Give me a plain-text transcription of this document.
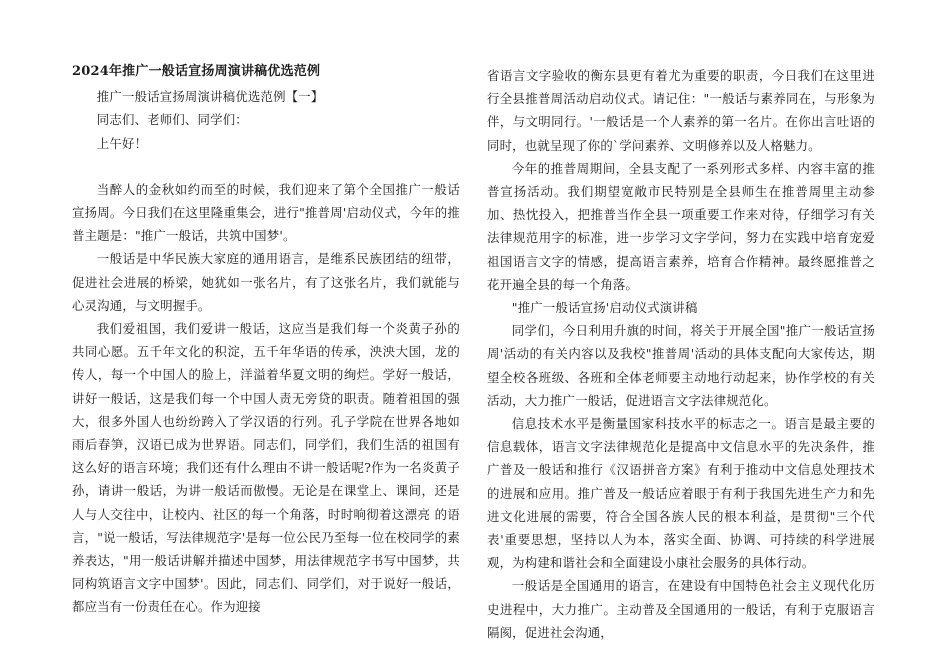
2024年推广一般话宣扬周演讲稿优选范例

推广一般话宣扬周演讲稿优选范例【一】

同志们、老师们、同学们：

上午好！

当醉人的金秋如约而至的时候，我们迎来了第个全国推广一般话宣扬周。今日我们在这里隆重集会，进行"推普周'启动仪式，今年的推普主题是："推广一般话，共筑中国梦'。

一般话是中华民族大家庭的通用语言，是维系民族团结的纽带，促进社会进展的桥梁，她犹如一张名片，有了这张名片，我们就能与心灵沟通，与文明握手。

我们爱祖国，我们爱讲一般话，这应当是我们每一个炎黄子孙的共同心愿。五千年文化的积淀，五千年华语的传承，泱泱大国，龙的传人，每一个中国人的脸上，洋溢着华夏文明的绚烂。学好一般话，讲好一般话，这是我们每一个中国人责无旁贷的职责。随着祖国的强大，很多外国人也纷纷跨入了学汉语的行列。孔子学院在世界各地如雨后春笋，汉语已成为世界语。同志们，同学们，我们生活的祖国有这么好的语言环境；我们还有什么理由不讲一般话呢?作为一名炎黄子孙，请讲一般话，为讲一般话而傲慢。无论是在课堂上、课间，还是人与人交往中，让校内、社区的每一个角落，时时响彻着这漂亮 的语言，"说一般话，写法律规范字'是每一位公民乃至每一位在校同学的素养表达，"用一般话讲解并描述中国梦，用法律规范字书写中国梦，共同构筑语言文字中国梦'。因此，同志们、同学们，对于说好一般话，都应当有一份责任在心。作为迎接

省语言文字验收的衡东县更有着尤为重要的职责，今日我们在这里进行全县推普周活动启动仪式。请记住："一般话与素养同在，与形象为伴，与文明同行。'一般话是一个人素养的第一名片。在你出言吐语的同时，也就呈现了你的`学问素养、文明修养以及人格魅力。

今年的推普周期间，全县支配了一系列形式多样、内容丰富的推普宣扬活动。我们期望宽敞市民特别是全县师生在推普周里主动参加、热忱投入，把推普当作全县一项重要工作来对待，仔细学习有关法律规范用字的标准，进一步学习文字学问，努力在实践中培育宠爱祖国语言文字的情感，提高语言素养，培育合作精神。最终愿推普之花开遍全县的每一个角落。

"推广一般话宣扬'启动仪式演讲稿

同学们，今日利用升旗的时间，将关于开展全国"推广一般话宣扬周'活动的有关内容以及我校"推普周'活动的具体支配向大家传达，期望全校各班级、各班和全体老师要主动地行动起来，协作学校的有关活动，大力推广一般话，促进语言文字法律规范化。

信息技术水平是衡量国家科技水平的标志之一。语言是最主要的信息载体，语言文字法律规范化是提高中文信息水平的先决条件，推广普及一般话和推行《汉语拼音方案》有利于推动中文信息处理技术的进展和应用。推广普及一般话应着眼于有利于我国先进生产力和先进文化进展的需要，符合全国各族人民的根本利益，是贯彻"三个代表'重要思想，坚持以人为本，落实全面、协调、可持续的科学进展观，为构建和谐社会和全面建设小康社会服务的具体行动。

一般话是全国通用的语言，在建设有中国特色社会主义现代化历史进程中，大力推广。主动普及全国通用的一般话，有利于克服语言隔阂，促进社会沟通，
